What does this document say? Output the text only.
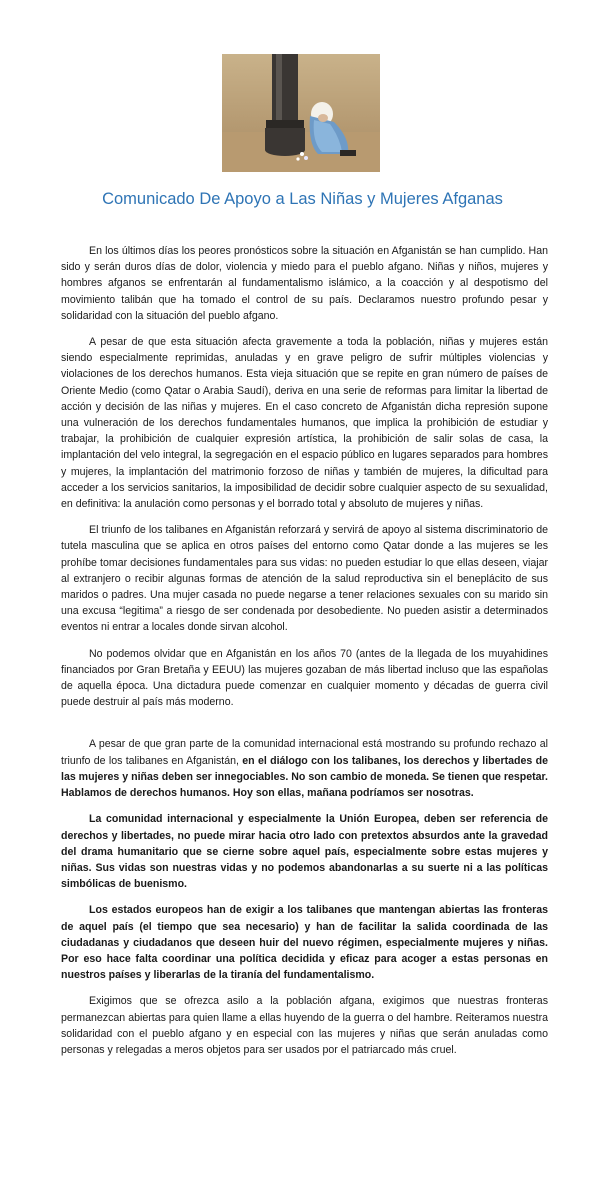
Comunicado De Apoyo a Las Niñas y Mujeres Afganas

En los últimos días los peores pronósticos sobre la situación en Afganistán se han cumplido. Han sido y serán duros días de dolor, violencia y miedo para el pueblo afgano. Niñas y niños, mujeres y hombres afganos se enfrentarán al fundamentalismo islámico, a la coacción y al despotismo del movimiento talibán que ha tomado el control de su país. Declaramos nuestro profundo pesar y solidaridad con la situación del pueblo afgano.

A pesar de que esta situación afecta gravemente a toda la población, niñas y mujeres están siendo especialmente reprimidas, anuladas y en grave peligro de sufrir múltiples violencias y violaciones de los derechos humanos. Esta vieja situación que se repite en gran número de países de Oriente Medio (como Qatar o Arabia Saudí), deriva en una serie de reformas para limitar la libertad de acción y decisión de las niñas y mujeres. En el caso concreto de Afganistán dicha represión supone una vulneración de los derechos fundamentales humanos, que implica la prohibición de estudiar y trabajar, la prohibición de cualquier expresión artística, la prohibición de salir solas de casa, la implantación del velo integral, la segregación en el espacio público en lugares separados para hombres y mujeres, la implantación del matrimonio forzoso de niñas y también de mujeres, la dificultad para acceder a los servicios sanitarios, la imposibilidad de decidir sobre cualquier aspecto de su sexualidad, en definitiva: la anulación como personas y el borrado total y absoluto de mujeres y niñas.

El triunfo de los talibanes en Afganistán reforzará y servirá de apoyo al sistema discriminatorio de tutela masculina que se aplica en otros países del entorno como Qatar donde a las mujeres se les prohíbe tomar decisiones fundamentales para sus vidas: no pueden estudiar lo que ellas deseen, viajar al extranjero o recibir algunas formas de atención de la salud reproductiva sin el beneplácito de sus maridos o padres. Una mujer casada no puede negarse a tener relaciones sexuales con su marido sin una excusa “legitima” a riesgo de ser condenada por desobediente. No pueden asistir a determinados eventos ni entrar a locales donde sirvan alcohol.

No podemos olvidar que en Afganistán en los años 70 (antes de la llegada de los muyahidines financiados por Gran Bretaña y EEUU) las mujeres gozaban de más libertad incluso que las españolas de aquella época. Una dictadura puede comenzar en cualquier momento y décadas de guerra civil puede destruir al país más moderno.

A pesar de que gran parte de la comunidad internacional está mostrando su profundo rechazo al triunfo de los talibanes en Afganistán, en el diálogo con los talibanes, los derechos y libertades de las mujeres y niñas deben ser innegociables. No son cambio de moneda. Se tienen que respetar. Hablamos de derechos humanos. Hoy son ellas, mañana podríamos ser nosotras.

La comunidad internacional y especialmente la Unión Europea, deben ser referencia de derechos y libertades, no puede mirar hacia otro lado con pretextos absurdos ante la gravedad del drama humanitario que se cierne sobre aquel país, especialmente sobre estas mujeres y niñas. Sus vidas son nuestras vidas y no podemos abandonarlas a su suerte ni a las políticas simbólicas de buenismo.

Los estados europeos han de exigir a los talibanes que mantengan abiertas las fronteras de aquel país (el tiempo que sea necesario) y han de facilitar la salida coordinada de las ciudadanas y ciudadanos que deseen huir del nuevo régimen, especialmente mujeres y niñas. Por eso hace falta coordinar una política decidida y eficaz para acoger a estas personas en nuestros países y liberarlas de la tiranía del fundamentalismo.

Exigimos que se ofrezca asilo a la población afgana, exigimos que nuestras fronteras permanezcan abiertas para quien llame a ellas huyendo de la guerra o del hambre. Reiteramos nuestra solidaridad con el pueblo afgano y en especial con las mujeres y niñas que serán anuladas como personas y relegadas a meros objetos para ser usados por el patriarcado más cruel.
